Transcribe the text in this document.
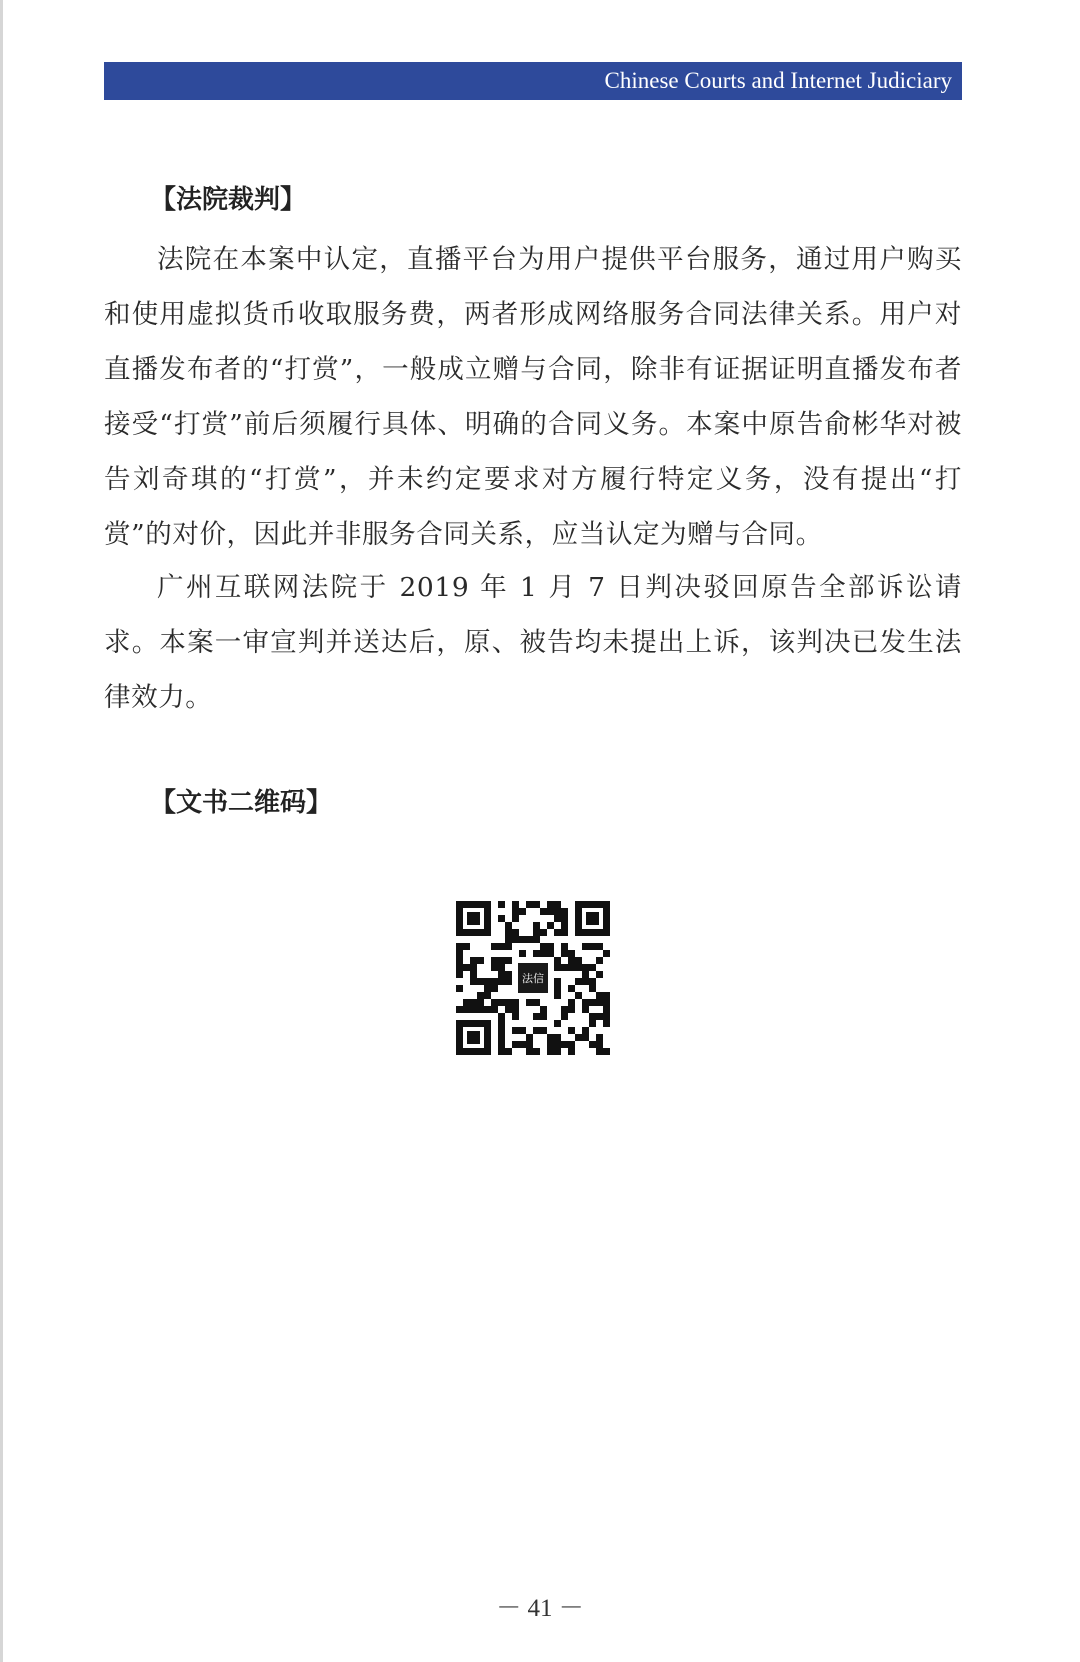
Chinese Courts and Internet Judiciary
【法院裁判】

法院在本案中认定，直播平台为用户提供平台服务，通过用户购买和使用虚拟货币收取服务费，两者形成网络服务合同法律关系。用户对直播发布者的“打赏”，一般成立赠与合同，除非有证据证明直播发布者接受“打赏”前后须履行具体、明确的合同义务。本案中原告俞彬华对被告刘奇琪的“打赏”，并未约定要求对方履行特定义务，没有提出“打赏”的对价，因此并非服务合同关系，应当认定为赠与合同。

广州互联网法院于 2019 年 1 月 7 日判决驳回原告全部诉讼请求。本案一审宣判并送达后，原、被告均未提出上诉，该判决已发生法律效力。

【文书二维码】
法信
－ 41 －
